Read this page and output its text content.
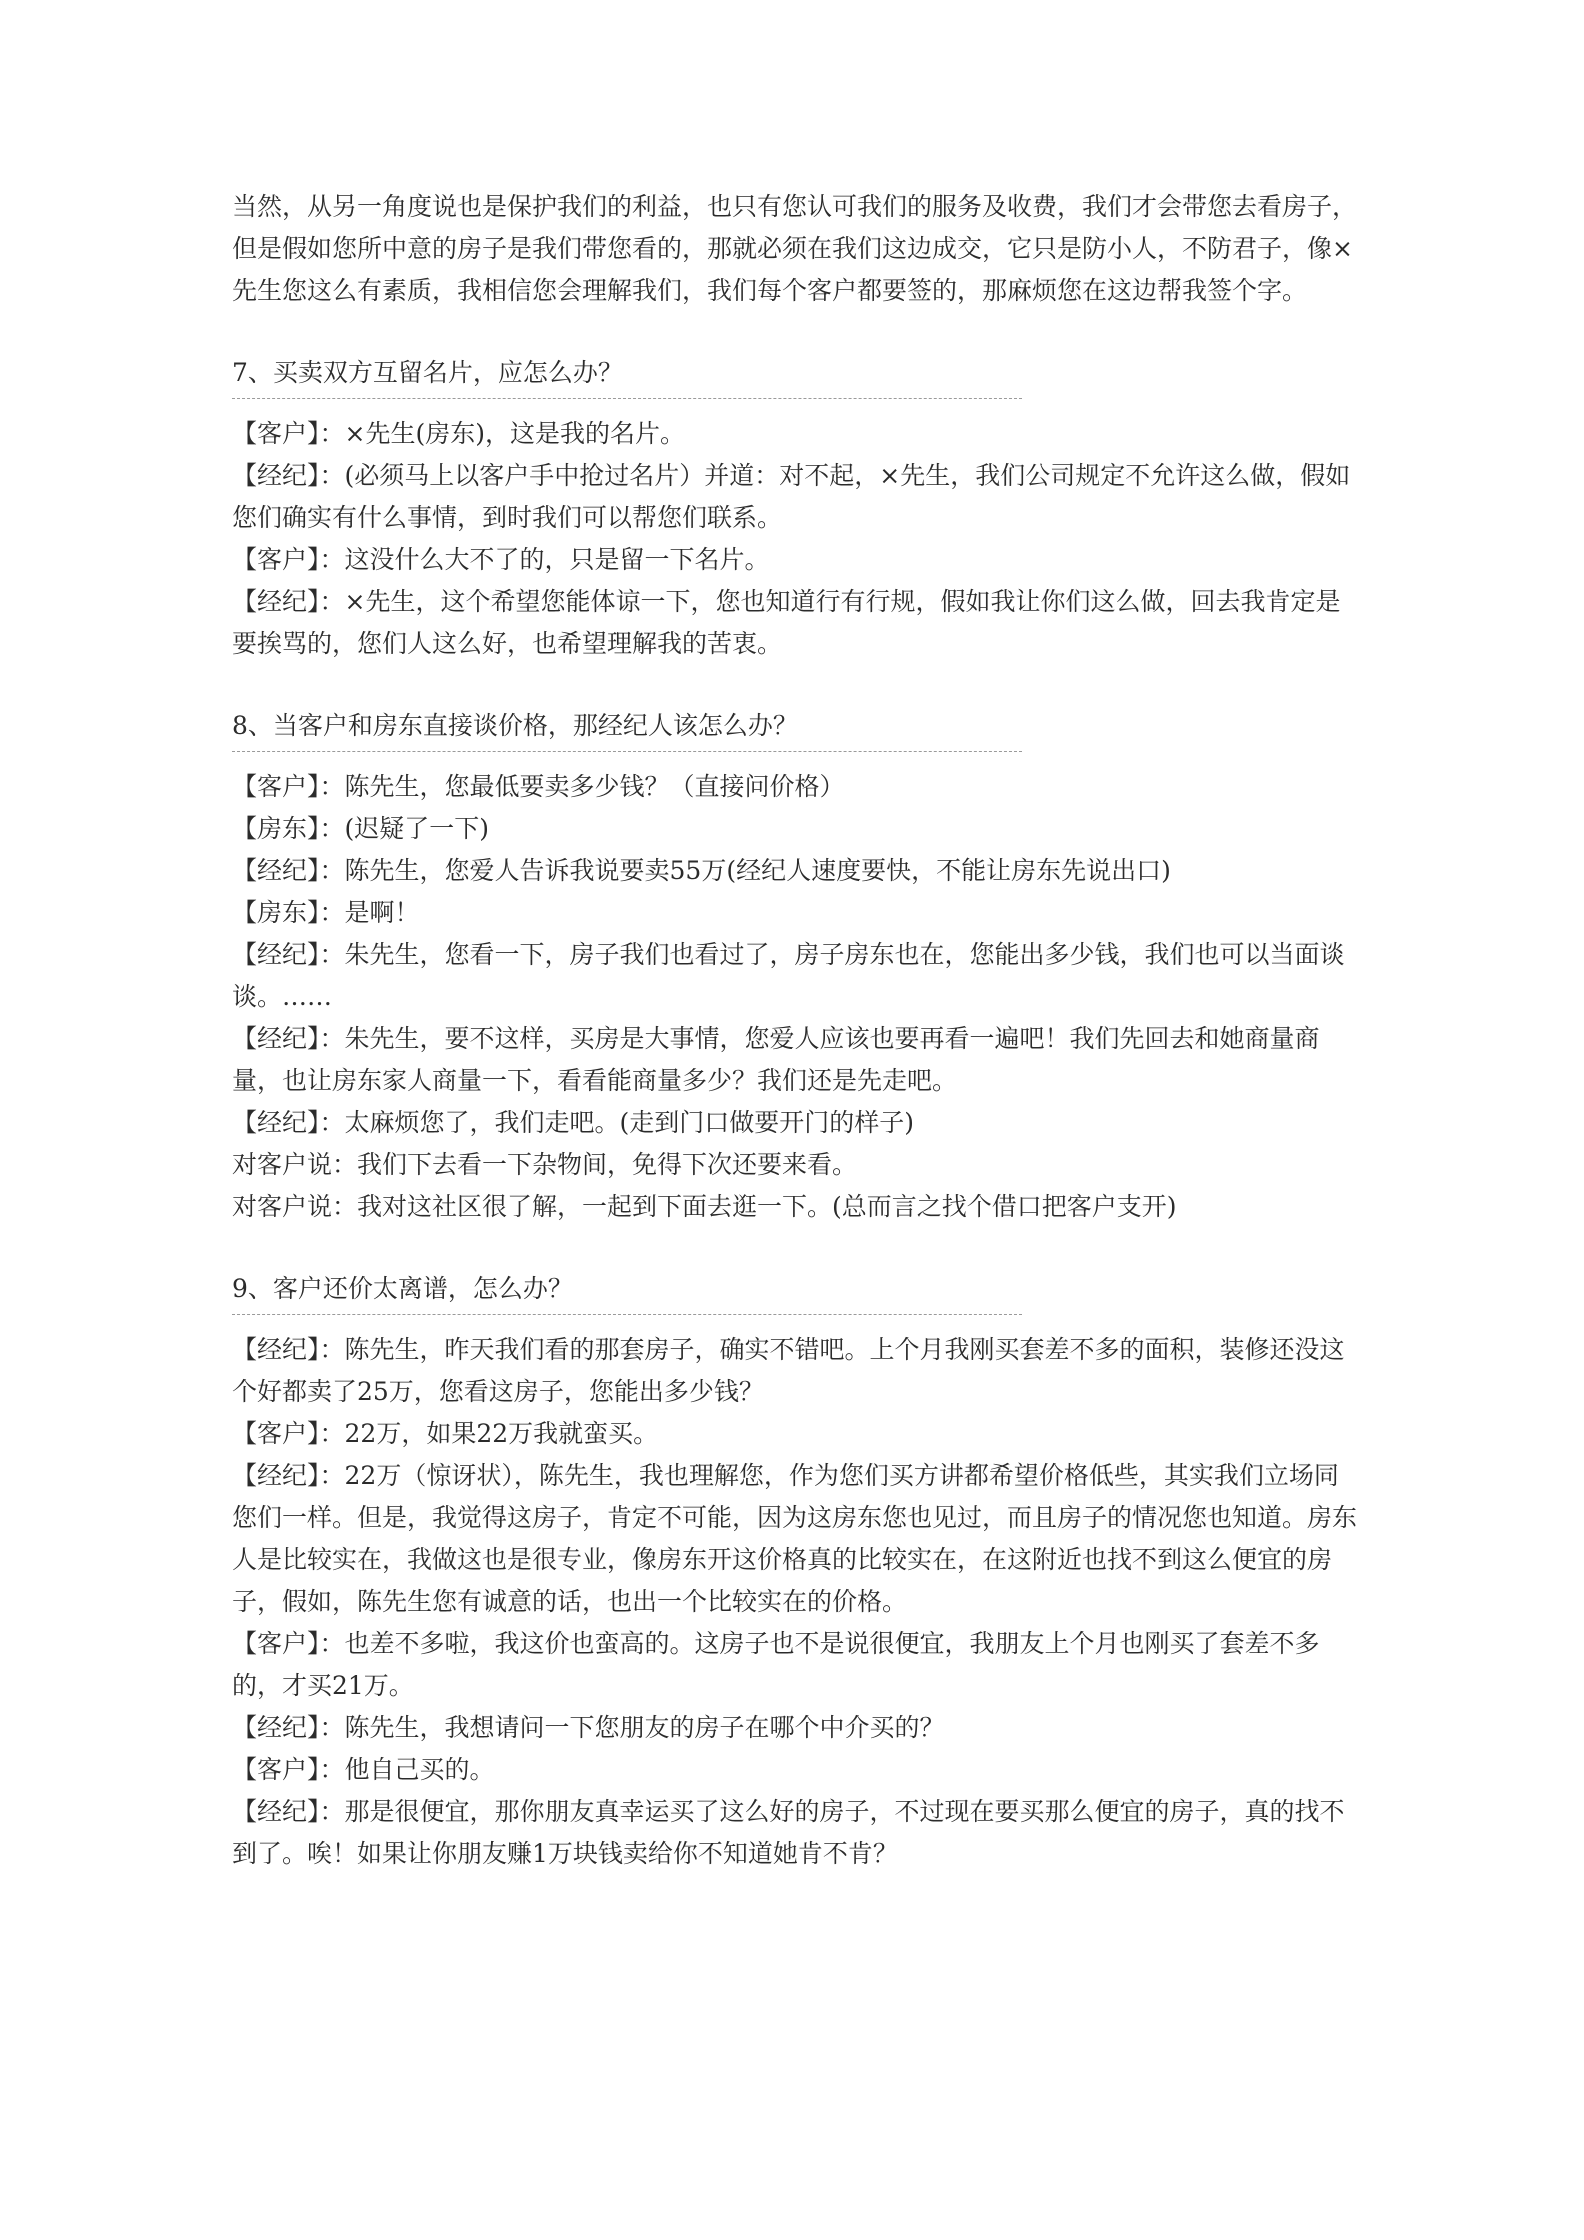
当然，从另一角度说也是保护我们的利益，也只有您认可我们的服务及收费，我们才会带您去看房子，但是假如您所中意的房子是我们带您看的，那就必须在我们这边成交，它只是防小人，不防君子，像×先生您这么有素质，我相信您会理解我们，我们每个客户都要签的，那麻烦您在这边帮我签个字。

7、买卖双方互留名片，应怎么办？

【客户】：×先生(房东)，这是我的名片。

【经纪】：(必须马上以客户手中抢过名片）并道：对不起，×先生，我们公司规定不允许这么做，假如您们确实有什么事情，到时我们可以帮您们联系。

【客户】：这没什么大不了的，只是留一下名片。

【经纪】：×先生，这个希望您能体谅一下，您也知道行有行规，假如我让你们这么做，回去我肯定是要挨骂的，您们人这么好，也希望理解我的苦衷。

8、当客户和房东直接谈价格，那经纪人该怎么办？

【客户】：陈先生，您最低要卖多少钱？（直接问价格）

【房东】：(迟疑了一下)

【经纪】：陈先生，您爱人告诉我说要卖55万(经纪人速度要快，不能让房东先说出口)

【房东】：是啊！

【经纪】：朱先生，您看一下，房子我们也看过了，房子房东也在，您能出多少钱，我们也可以当面谈谈。……

【经纪】：朱先生，要不这样，买房是大事情，您爱人应该也要再看一遍吧！我们先回去和她商量商量，也让房东家人商量一下，看看能商量多少？我们还是先走吧。

【经纪】：太麻烦您了，我们走吧。(走到门口做要开门的样子)

对客户说：我们下去看一下杂物间，免得下次还要来看。

对客户说：我对这社区很了解，一起到下面去逛一下。(总而言之找个借口把客户支开)

9、客户还价太离谱，怎么办？

【经纪】：陈先生，昨天我们看的那套房子，确实不错吧。上个月我刚买套差不多的面积，装修还没这个好都卖了25万，您看这房子，您能出多少钱？

【客户】：22万，如果22万我就蛮买。

【经纪】：22万（惊讶状），陈先生，我也理解您，作为您们买方讲都希望价格低些，其实我们立场同您们一样。但是，我觉得这房子，肯定不可能，因为这房东您也见过，而且房子的情况您也知道。房东人是比较实在，我做这也是很专业，像房东开这价格真的比较实在，在这附近也找不到这么便宜的房子，假如，陈先生您有诚意的话，也出一个比较实在的价格。

【客户】：也差不多啦，我这价也蛮高的。这房子也不是说很便宜，我朋友上个月也刚买了套差不多的，才买21万。

【经纪】：陈先生，我想请问一下您朋友的房子在哪个中介买的？

【客户】：他自己买的。

【经纪】：那是很便宜，那你朋友真幸运买了这么好的房子，不过现在要买那么便宜的房子，真的找不到了。唉！如果让你朋友赚1万块钱卖给你不知道她肯不肯？
